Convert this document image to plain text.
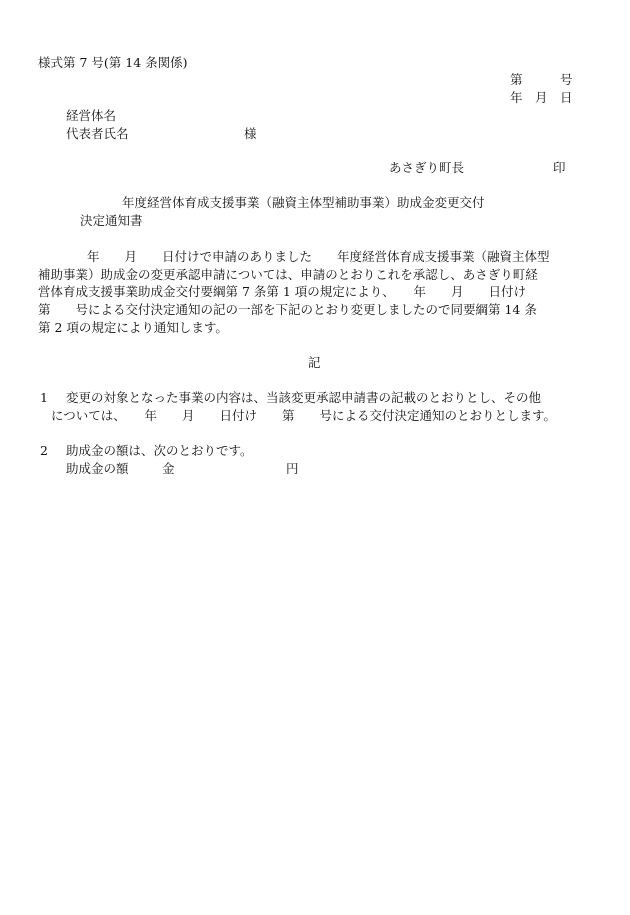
様式第 7 号(第 14 条関係)
第　　　号
年　月　日
経営体名
代表者氏名	様
あさぎり町長	印
年度経営体育成支援事業（融資主体型補助事業）助成金変更交付
決定通知書
年　　月　　日付けで申請のありました　　年度経営体育成支援事業（融資主体型
補助事業）助成金の変更承認申請については、申請のとおりこれを承認し、あさぎり町経
営体育成支援事業助成金交付要綱第 7 条第 1 項の規定により、　　年　　月　　日付け
第　　号による交付決定通知の記の一部を下記のとおり変更しましたので同要綱第 14 条
第 2 項の規定により通知します。
記
1 変更の対象となった事業の内容は、当該変更承認申請書の記載のとおりとし、その他
については、　　年　　月　　日付け　　第　　号による交付決定通知のとおりとします。
2 助成金の額は、次のとおりです。
助成金の額	金	円
